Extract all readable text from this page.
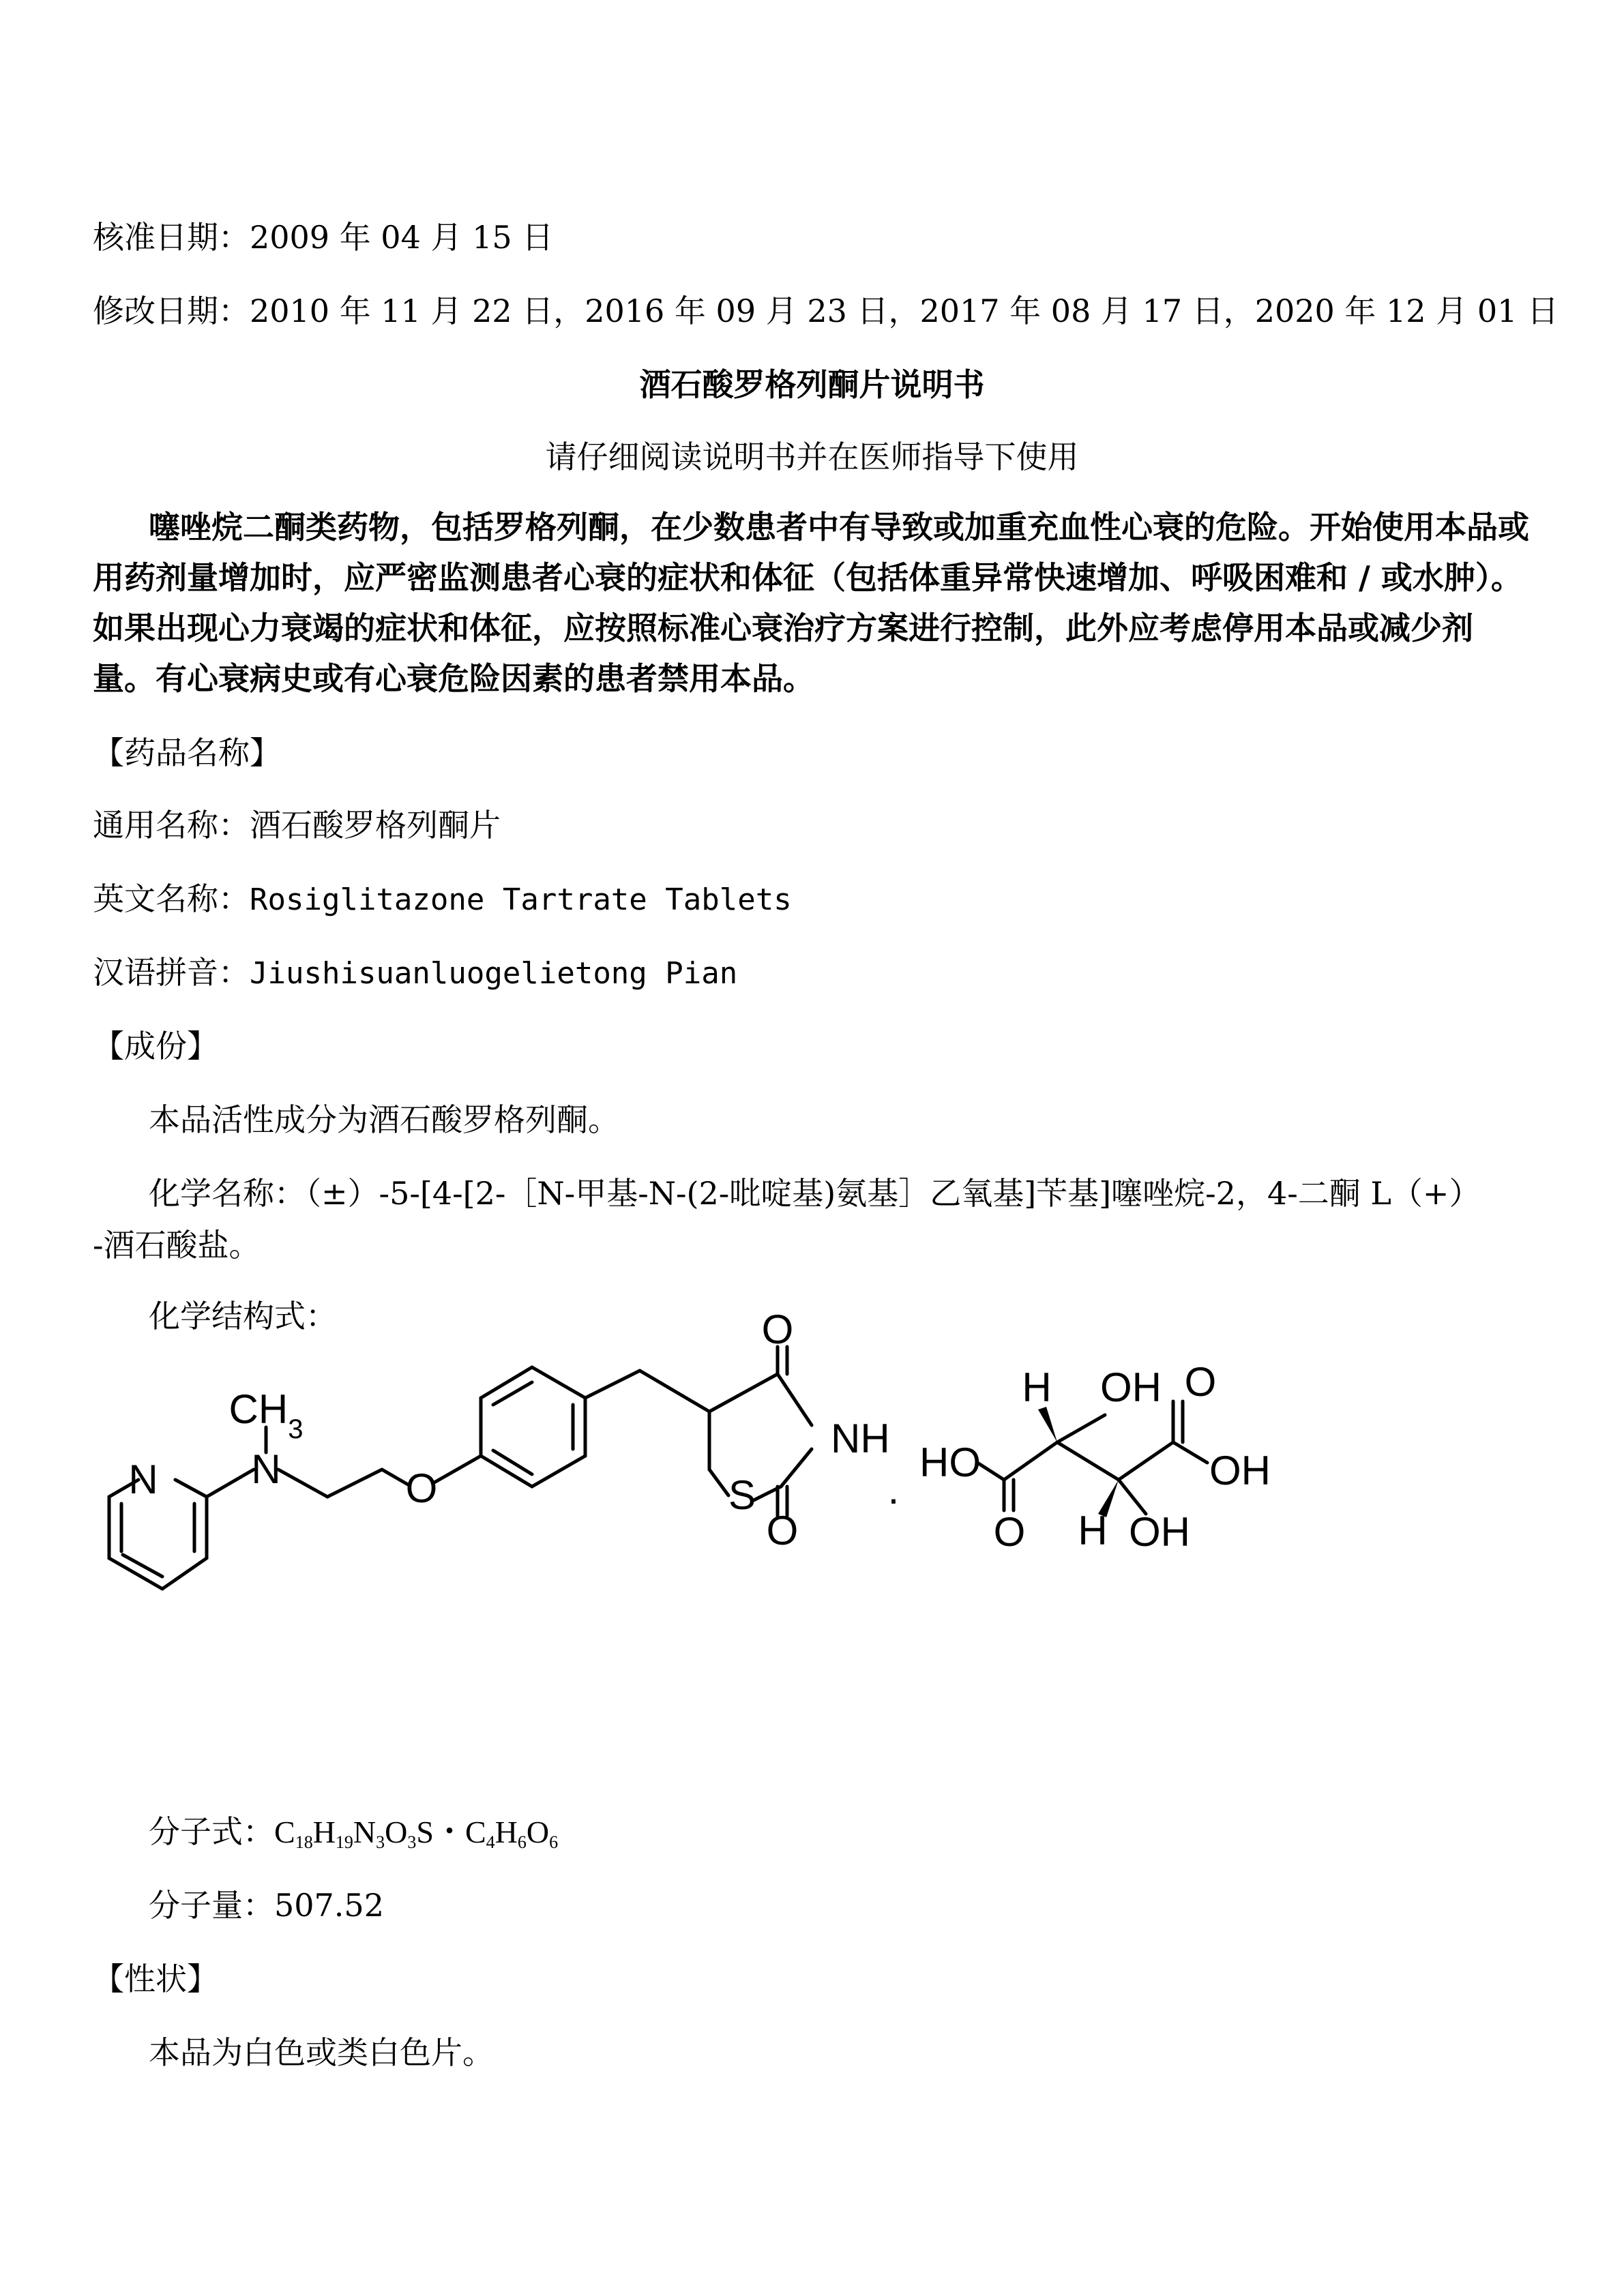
核准日期：2009 年 04 月 15 日
修改日期：2010 年 11 月 22 日，2016 年 09 月 23 日，2017 年 08 月 17 日，2020 年 12 月 01 日
酒石酸罗格列酮片说明书
请仔细阅读说明书并在医师指导下使用

噻唑烷二酮类药物，包括罗格列酮，在少数患者中有导致或加重充血性心衰的危险。开始使用本品或用药剂量增加时，应严密监测患者心衰的症状和体征（包括体重异常快速增加、呼吸困难和 / 或水肿）。如果出现心力衰竭的症状和体征，应按照标准心衰治疗方案进行控制，此外应考虑停用本品或减少剂量。有心衰病史或有心衰危险因素的患者禁用本品。

【药品名称】
通用名称：酒石酸罗格列酮片
英文名称：Rosiglitazone Tartrate Tablets
汉语拼音：Jiushisuanluogelietong Pian
【成份】
本品活性成分为酒石酸罗格列酮。
化学名称：（±）-5-[4-[2-［N-甲基-N-(2-吡啶基)氨基］乙氧基]苄基]噻唑烷-2，4-二酮 L（+）
-酒石酸盐。
化学结构式：
N N
$CH_3$
O
O
NH
S
O
.
HO
H OH O
OH
O H OH
分子式：$C_{18}H_{19}N_3O_3S$・$C_4H_6O_6$
分子量：507.52
【性状】
本品为白色或类白色片。
